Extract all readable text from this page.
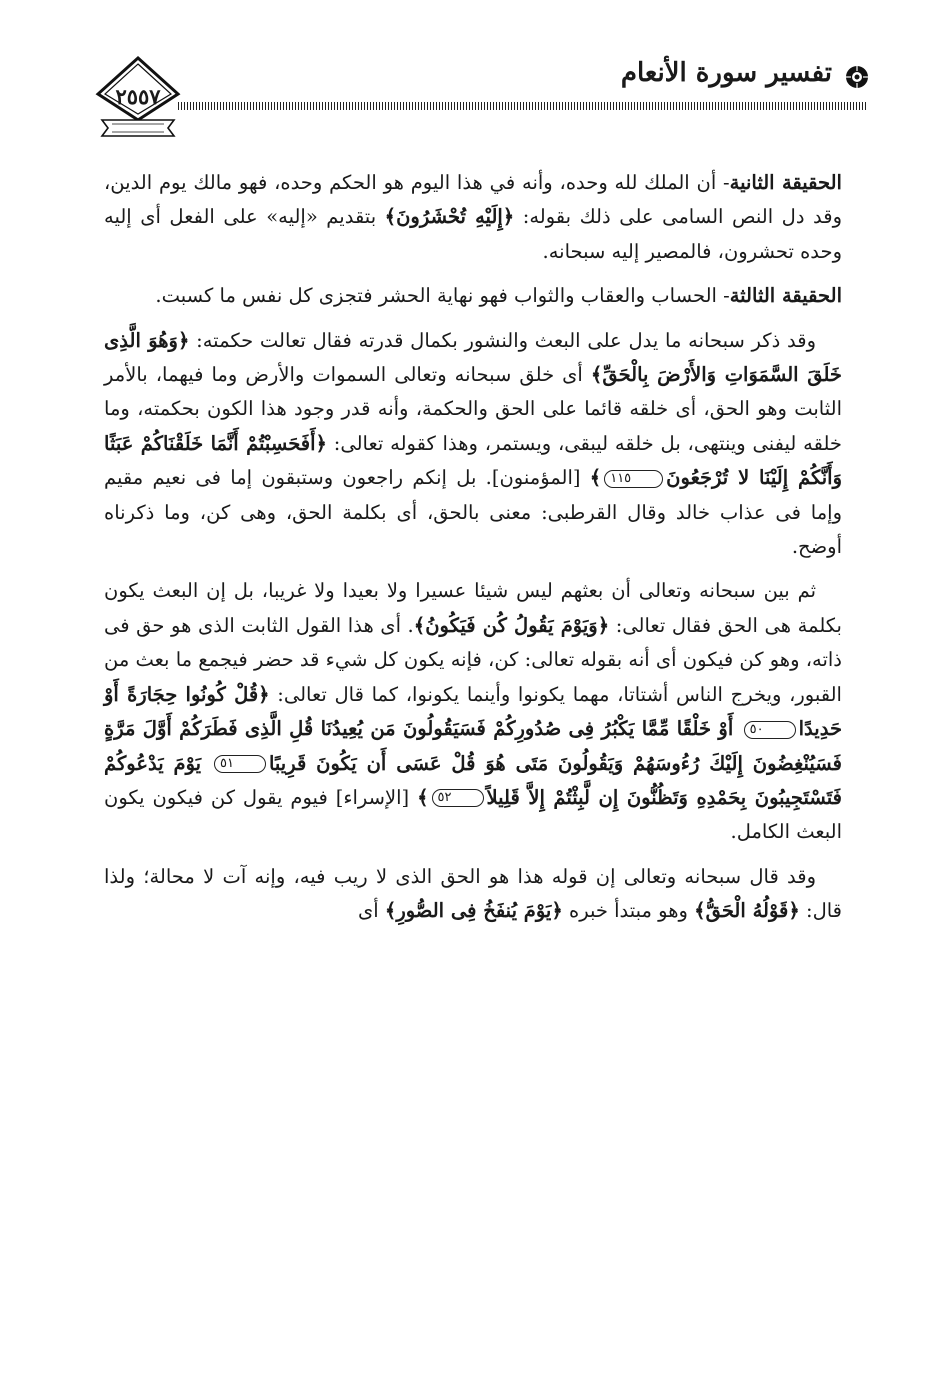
٢٥٥٧
تفسير سورة الأنعام

الحقيقة الثانية- أن الملك لله وحده، وأنه في هذا اليوم هو الحكم وحده، فهو مالك يوم الدين، وقد دل النص السامى على ذلك بقوله: ﴿إِلَيْهِ تُحْشَرُونَ﴾ بتقديم «إليه» على الفعل أى إليه وحده تحشرون، فالمصير إليه سبحانه.

الحقيقة الثالثة- الحساب والعقاب والثواب فهو نهاية الحشر فتجزى كل نفس ما كسبت.

وقد ذكر سبحانه ما يدل على البعث والنشور بكمال قدرته فقال تعالت حكمته: ﴿وَهُوَ الَّذِى خَلَقَ السَّمَوَاتِ وَالأَرْضَ بِالْحَقِّ﴾ أى خلق سبحانه وتعالى السموات والأرض وما فيهما، بالأمر الثابت وهو الحق، أى خلقه قائما على الحق والحكمة، وأنه قدر وجود هذا الكون بحكمته، وما خلقه ليفنى وينتهى، بل خلقه ليبقى، ويستمر، وهذا كقوله تعالى: ﴿أَفَحَسِبْتُمْ أَنَّمَا خَلَقْنَاكُمْ عَبَثًا وَأَنَّكُمْ إِلَيْنَا لا تُرْجَعُونَ١١٥﴾ [المؤمنون]. بل إنكم راجعون وستبقون إما فى نعيم مقيم وإما فى عذاب خالد وقال القرطبى: معنى بالحق، أى بكلمة الحق، وهى كن، وما ذكرناه أوضح.

ثم بين سبحانه وتعالى أن بعثهم ليس شيئا عسيرا ولا بعيدا ولا غريبا، بل إن البعث يكون بكلمة هى الحق فقال تعالى: ﴿وَيَوْمَ يَقُولُ كُن فَيَكُونُ﴾. أى هذا القول الثابت الذى هو حق فى ذاته، وهو كن فيكون أى أنه بقوله تعالى: كن، فإنه يكون كل شيء قد حضر فيجمع ما بعث من القبور، ويخرج الناس أشتاتا، مهما يكونوا وأينما يكونوا، كما قال تعالى: ﴿قُلْ كُونُوا حِجَارَةً أَوْ حَدِيدًا٥٠ أَوْ خَلْقًا مِّمَّا يَكْبُرُ فِى صُدُورِكُمْ فَسَيَقُولُونَ مَن يُعِيدُنَا قُلِ الَّذِى فَطَرَكُمْ أَوَّلَ مَرَّةٍ فَسَيُنْغِضُونَ إِلَيْكَ رُءُوسَهُمْ وَيَقُولُونَ مَتَى هُوَ قُلْ عَسَى أَن يَكُونَ قَرِيبًا٥١ يَوْمَ يَدْعُوكُمْ فَتَسْتَجِيبُونَ بِحَمْدِهِ وَتَظُنُّونَ إِن لَّبِثْتُمْ إِلاَّ قَلِيلاً٥٢﴾ [الإسراء] فيوم يقول كن فيكون يكون البعث الكامل.

وقد قال سبحانه وتعالى إن قوله هذا هو الحق الذى لا ريب فيه، وإنه آت لا محالة؛ ولذا قال: ﴿قَوْلُهُ الْحَقُّ﴾ وهو مبتدأ خبره ﴿يَوْمَ يُنفَخُ فِى الصُّورِ﴾ أى
